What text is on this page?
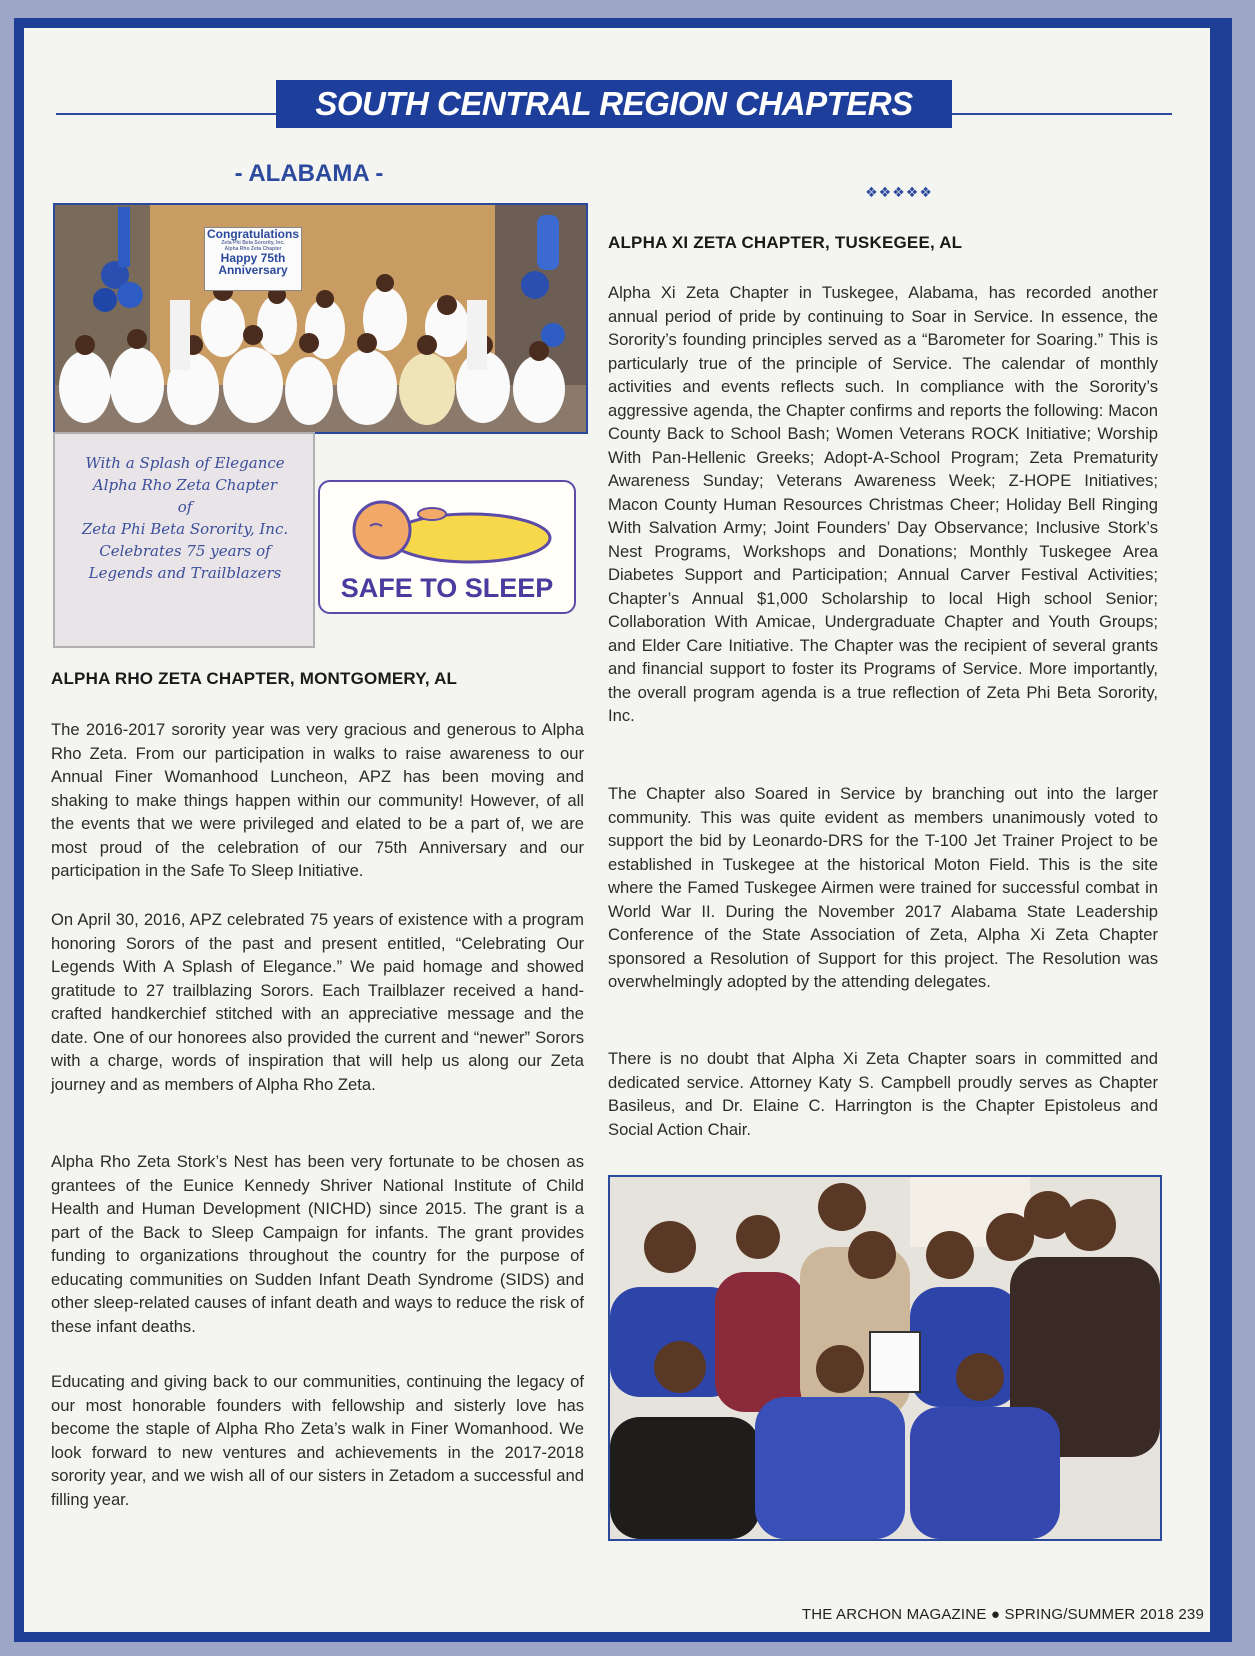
SOUTH CENTRAL REGION CHAPTERS
- ALABAMA -
❖❖❖❖❖
Congratulations
Zeta Phi Beta Sorority, Inc.
Alpha Rho Zeta Chapter
Happy 75th
Anniversary
With a Splash of Elegance
Alpha Rho Zeta Chapter
of
Zeta Phi Beta Sorority, Inc.
Celebrates 75 years of
Legends and Trailblazers	SAFE TO SLEEP
ALPHA RHO ZETA CHAPTER, MONTGOMERY, AL

The 2016-2017 sorority year was very gracious and generous to Alpha Rho Zeta. From our participation in walks to raise awareness to our Annual Finer Womanhood Luncheon, APZ has been moving and shaking to make things happen within our community! However, of all the events that we were privileged and elated to be a part of, we are most proud of the celebration of our 75th Anniversary and our participation in the Safe To Sleep Initiative.

On April 30, 2016, APZ celebrated 75 years of existence with a program honoring Sorors of the past and present entitled, “Celebrating Our Legends With A Splash of Elegance.” We paid homage and showed gratitude to 27 trailblazing Sorors. Each Trailblazer received a hand-crafted handkerchief stitched with an appreciative message and the date. One of our honorees also provided the current and “newer” Sorors with a charge, words of inspiration that will help us along our Zeta journey and as members of Alpha Rho Zeta.

Alpha Rho Zeta Stork’s Nest has been very fortunate to be chosen as grantees of the Eunice Kennedy Shriver National Institute of Child Health and Human Development (NICHD) since 2015. The grant is a part of the Back to Sleep Campaign for infants. The grant provides funding to organizations throughout the country for the purpose of educating communities on Sudden Infant Death Syndrome (SIDS) and other sleep-related causes of infant death and ways to reduce the risk of these infant deaths.

Educating and giving back to our communities, continuing the legacy of our most honorable founders with fellowship and sisterly love has become the staple of Alpha Rho Zeta’s walk in Finer Womanhood. We look forward to new ventures and achievements in the 2017-2018 sorority year, and we wish all of our sisters in Zetadom a successful and filling year.

ALPHA XI ZETA CHAPTER, TUSKEGEE, AL

Alpha Xi Zeta Chapter in Tuskegee, Alabama, has recorded another annual period of pride by continuing to Soar in Service. In essence, the Sorority’s founding principles served as a “Barometer for Soaring.” This is particularly true of the principle of Service. The calendar of monthly activities and events reflects such. In compliance with the Sorority’s aggressive agenda, the Chapter confirms and reports the following: Macon County Back to School Bash; Women Veterans ROCK Initiative; Worship With Pan-Hellenic Greeks; Adopt-A-School Program; Zeta Prematurity Awareness Sunday; Veterans Awareness Week; Z-HOPE Initiatives; Macon County Human Resources Christmas Cheer; Holiday Bell Ringing With Salvation Army; Joint Founders’ Day Observance; Inclusive Stork’s Nest Programs, Workshops and Donations; Monthly Tuskegee Area Diabetes Support and Participation; Annual Carver Festival Activities; Chapter’s Annual $1,000 Scholarship to local High school Senior; Collaboration With Amicae, Undergraduate Chapter and Youth Groups; and Elder Care Initiative. The Chapter was the recipient of several grants and financial support to foster its Programs of Service. More importantly, the overall program agenda is a true reflection of Zeta Phi Beta Sorority, Inc.

The Chapter also Soared in Service by branching out into the larger community. This was quite evident as members unanimously voted to support the bid by Leonardo-DRS for the T-100 Jet Trainer Project to be established in Tuskegee at the historical Moton Field. This is the site where the Famed Tuskegee Airmen were trained for successful combat in World War II. During the November 2017 Alabama State Leadership Conference of the State Association of Zeta, Alpha Xi Zeta Chapter sponsored a Resolution of Support for this project. The Resolution was overwhelmingly adopted by the attending delegates.

There is no doubt that Alpha Xi Zeta Chapter soars in committed and dedicated service. Attorney Katy S. Campbell proudly serves as Chapter Basileus, and Dr. Elaine C. Harrington is the Chapter Epistoleus and Social Action Chair.

THE ARCHON MAGAZINE ● SPRING/SUMMER 2018 239
